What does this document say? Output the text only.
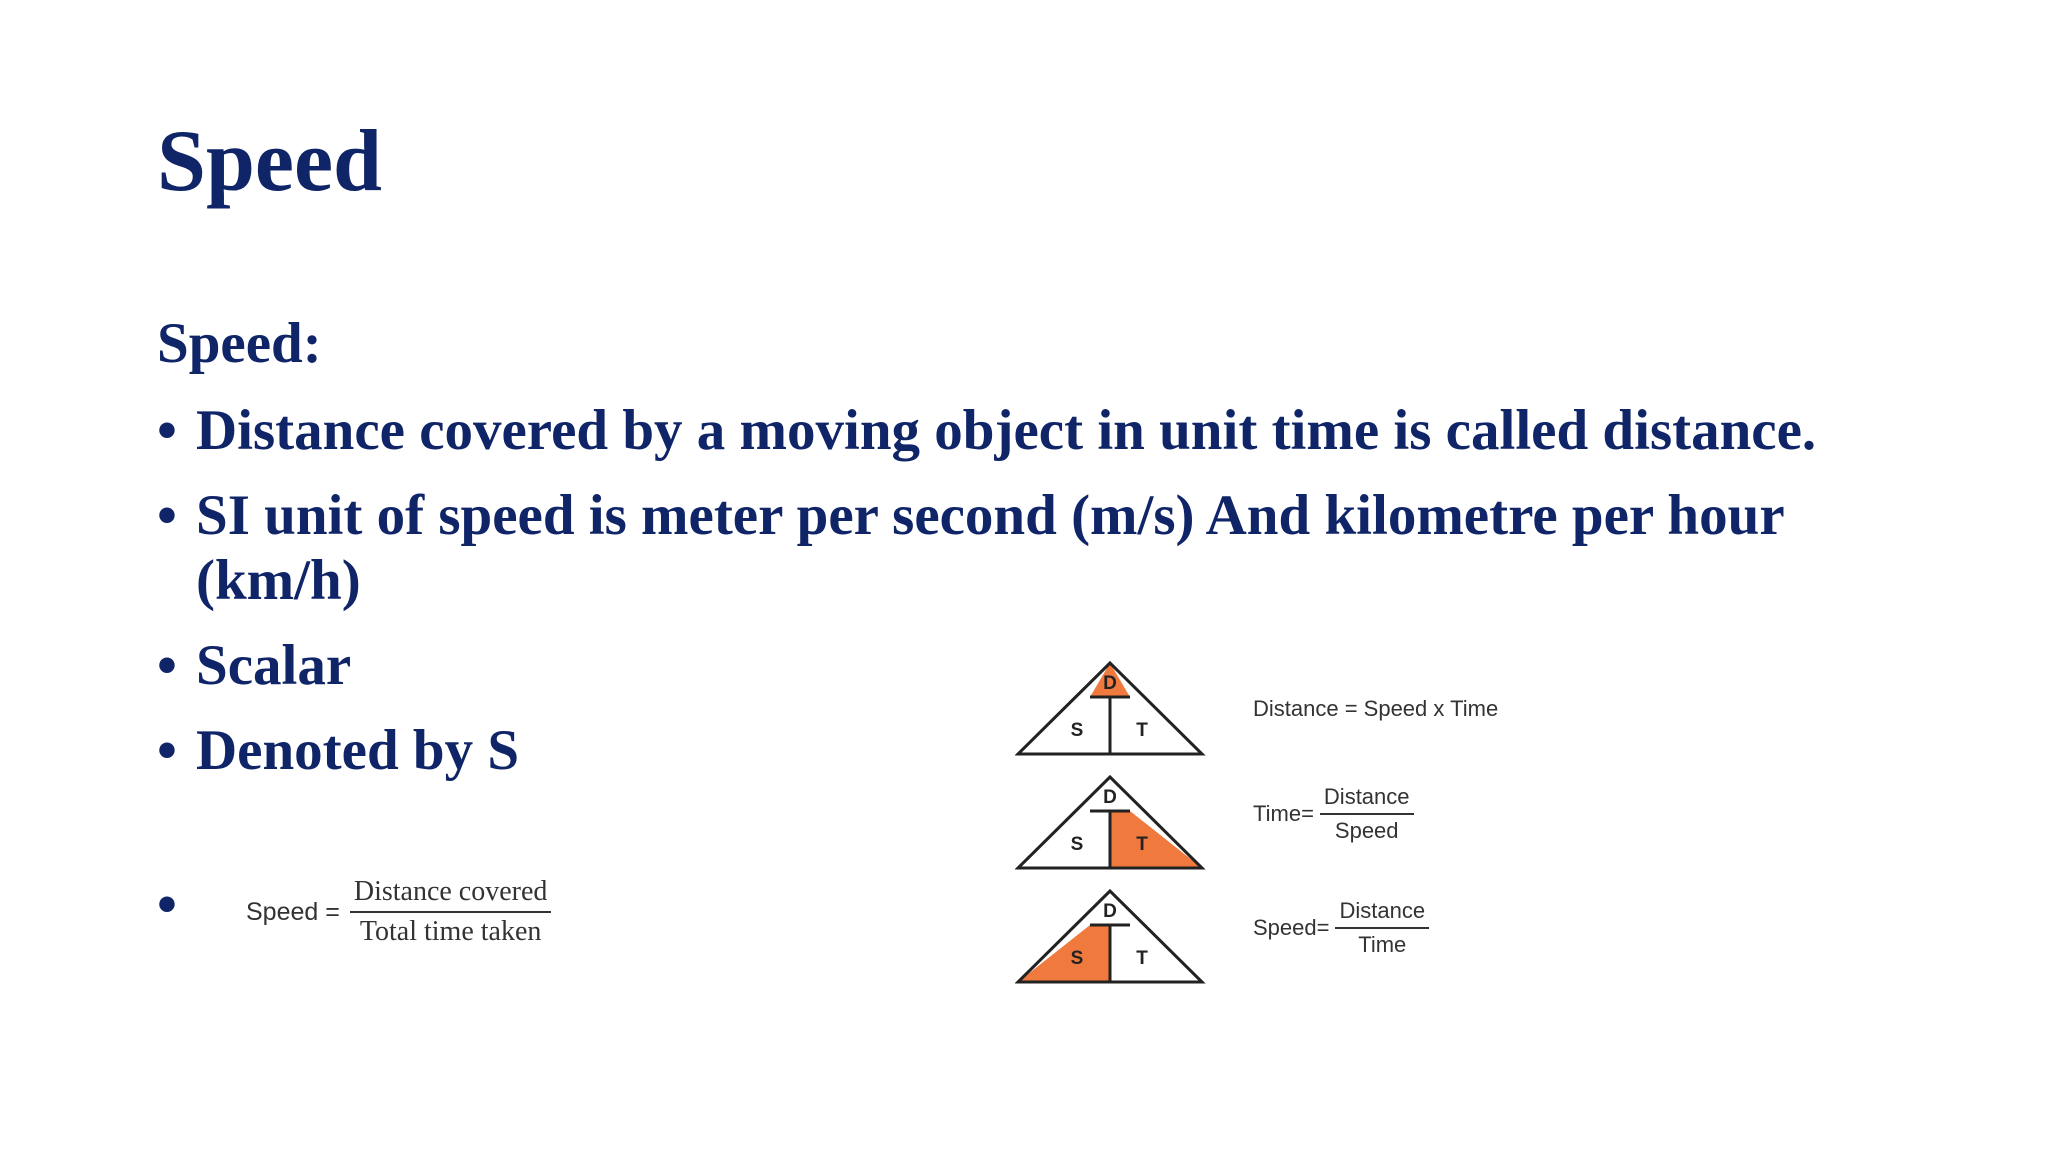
Speed
Speed:
• Distance covered by a moving object in unit time is called distance.
• SI unit of speed is meter per second (m/s) And kilometre per hour (km/h)
• Scalar
• Denoted by S
•	Speed = $\frac{\text{Distance covered}}{\text{Total time taken}}$
D
S	T
Distance = Speed x Time
D
S	T
Time= $\frac{\text{Distance}}{\text{Speed}}$
D
S	T
Speed= $\frac{\text{Distance}}{\text{Time}}$
